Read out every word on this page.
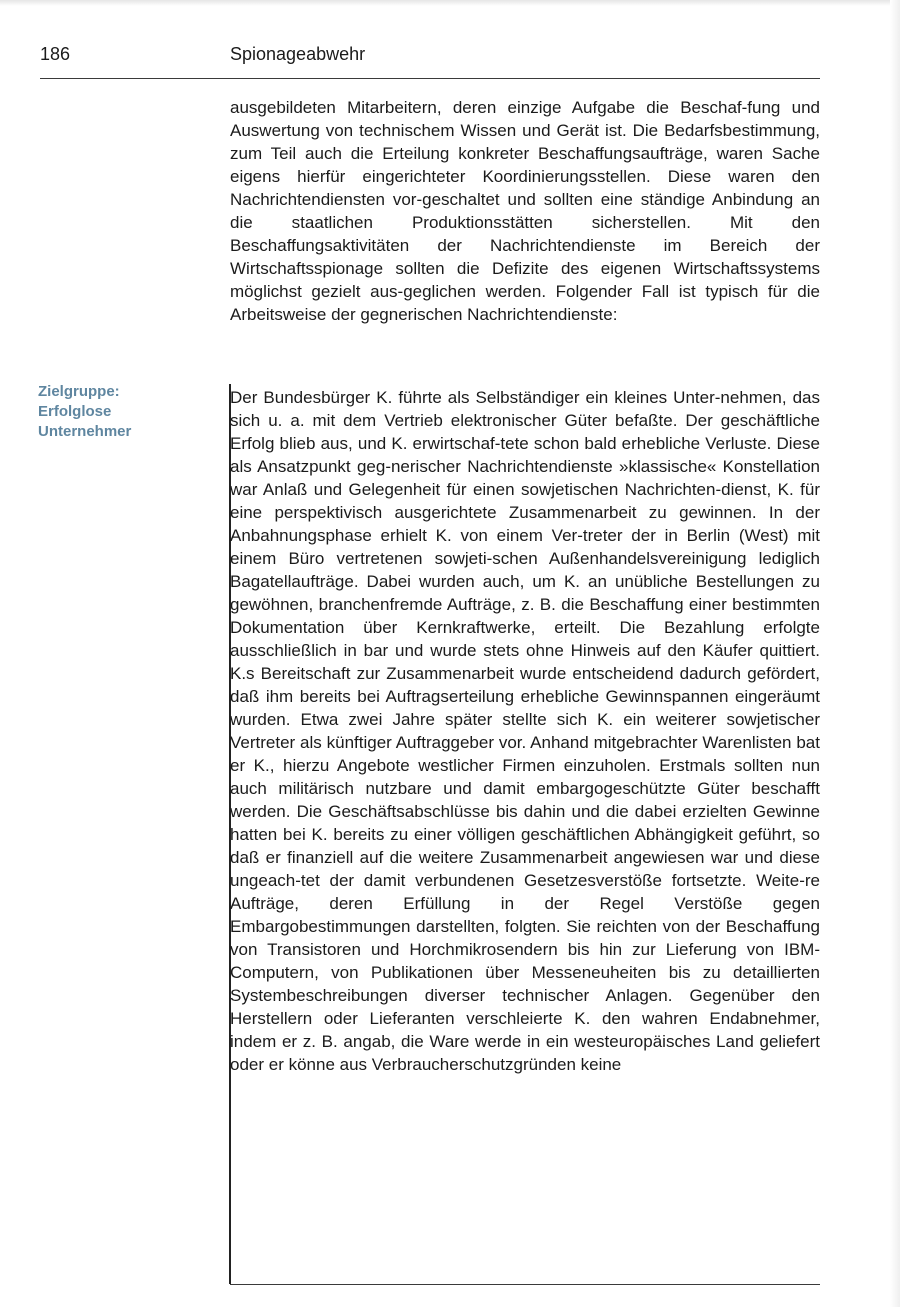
186	Spionageabwehr

ausgebildeten Mitarbeitern, deren einzige Aufgabe die Beschaf-fung und Auswertung von technischem Wissen und Gerät ist. Die Bedarfsbestimmung, zum Teil auch die Erteilung konkreter Beschaffungsaufträge, waren Sache eigens hierfür eingerichteter Koordinierungsstellen. Diese waren den Nachrichtendiensten vor-geschaltet und sollten eine ständige Anbindung an die staatlichen Produktionsstätten sicherstellen. Mit den Beschaffungsaktivitäten der Nachrichtendienste im Bereich der Wirtschaftsspionage sollten die Defizite des eigenen Wirtschaftssystems möglichst gezielt aus-geglichen werden. Folgender Fall ist typisch für die Arbeitsweise der gegnerischen Nachrichtendienste:

Zielgruppe:
Erfolglose
Unternehmer

Der Bundesbürger K. führte als Selbständiger ein kleines Unter-nehmen, das sich u. a. mit dem Vertrieb elektronischer Güter befaßte. Der geschäftliche Erfolg blieb aus, und K. erwirtschaf-tete schon bald erhebliche Verluste. Diese als Ansatzpunkt geg-nerischer Nachrichtendienste »klassische« Konstellation war Anlaß und Gelegenheit für einen sowjetischen Nachrichten-dienst, K. für eine perspektivisch ausgerichtete Zusammenarbeit zu gewinnen. In der Anbahnungsphase erhielt K. von einem Ver-treter der in Berlin (West) mit einem Büro vertretenen sowjeti-schen Außenhandelsvereinigung lediglich Bagatellaufträge. Dabei wurden auch, um K. an unübliche Bestellungen zu gewöhnen, branchenfremde Aufträge, z. B. die Beschaffung einer bestimmten Dokumentation über Kernkraftwerke, erteilt. Die Bezahlung erfolgte ausschließlich in bar und wurde stets ohne Hinweis auf den Käufer quittiert. K.s Bereitschaft zur Zusammenarbeit wurde entscheidend dadurch gefördert, daß ihm bereits bei Auftragserteilung erhebliche Gewinnspannen eingeräumt wurden. Etwa zwei Jahre später stellte sich K. ein weiterer sowjetischer Vertreter als künftiger Auftraggeber vor. Anhand mitgebrachter Warenlisten bat er K., hierzu Angebote westlicher Firmen einzuholen. Erstmals sollten nun auch militärisch nutzbare und damit embargogeschützte Güter beschafft werden. Die Geschäftsabschlüsse bis dahin und die dabei erzielten Gewinne hatten bei K. bereits zu einer völligen geschäftlichen Abhängigkeit geführt, so daß er finanziell auf die weitere Zusammenarbeit angewiesen war und diese ungeach-tet der damit verbundenen Gesetzesverstöße fortsetzte. Weite-re Aufträge, deren Erfüllung in der Regel Verstöße gegen Embargobestimmungen darstellten, folgten. Sie reichten von der Beschaffung von Transistoren und Horchmikrosendern bis hin zur Lieferung von IBM-Computern, von Publikationen über Messeneuheiten bis zu detaillierten Systembeschreibungen diverser technischer Anlagen. Gegenüber den Herstellern oder Lieferanten verschleierte K. den wahren Endabnehmer, indem er z. B. angab, die Ware werde in ein westeuropäisches Land geliefert oder er könne aus Verbraucherschutzgründen keine
